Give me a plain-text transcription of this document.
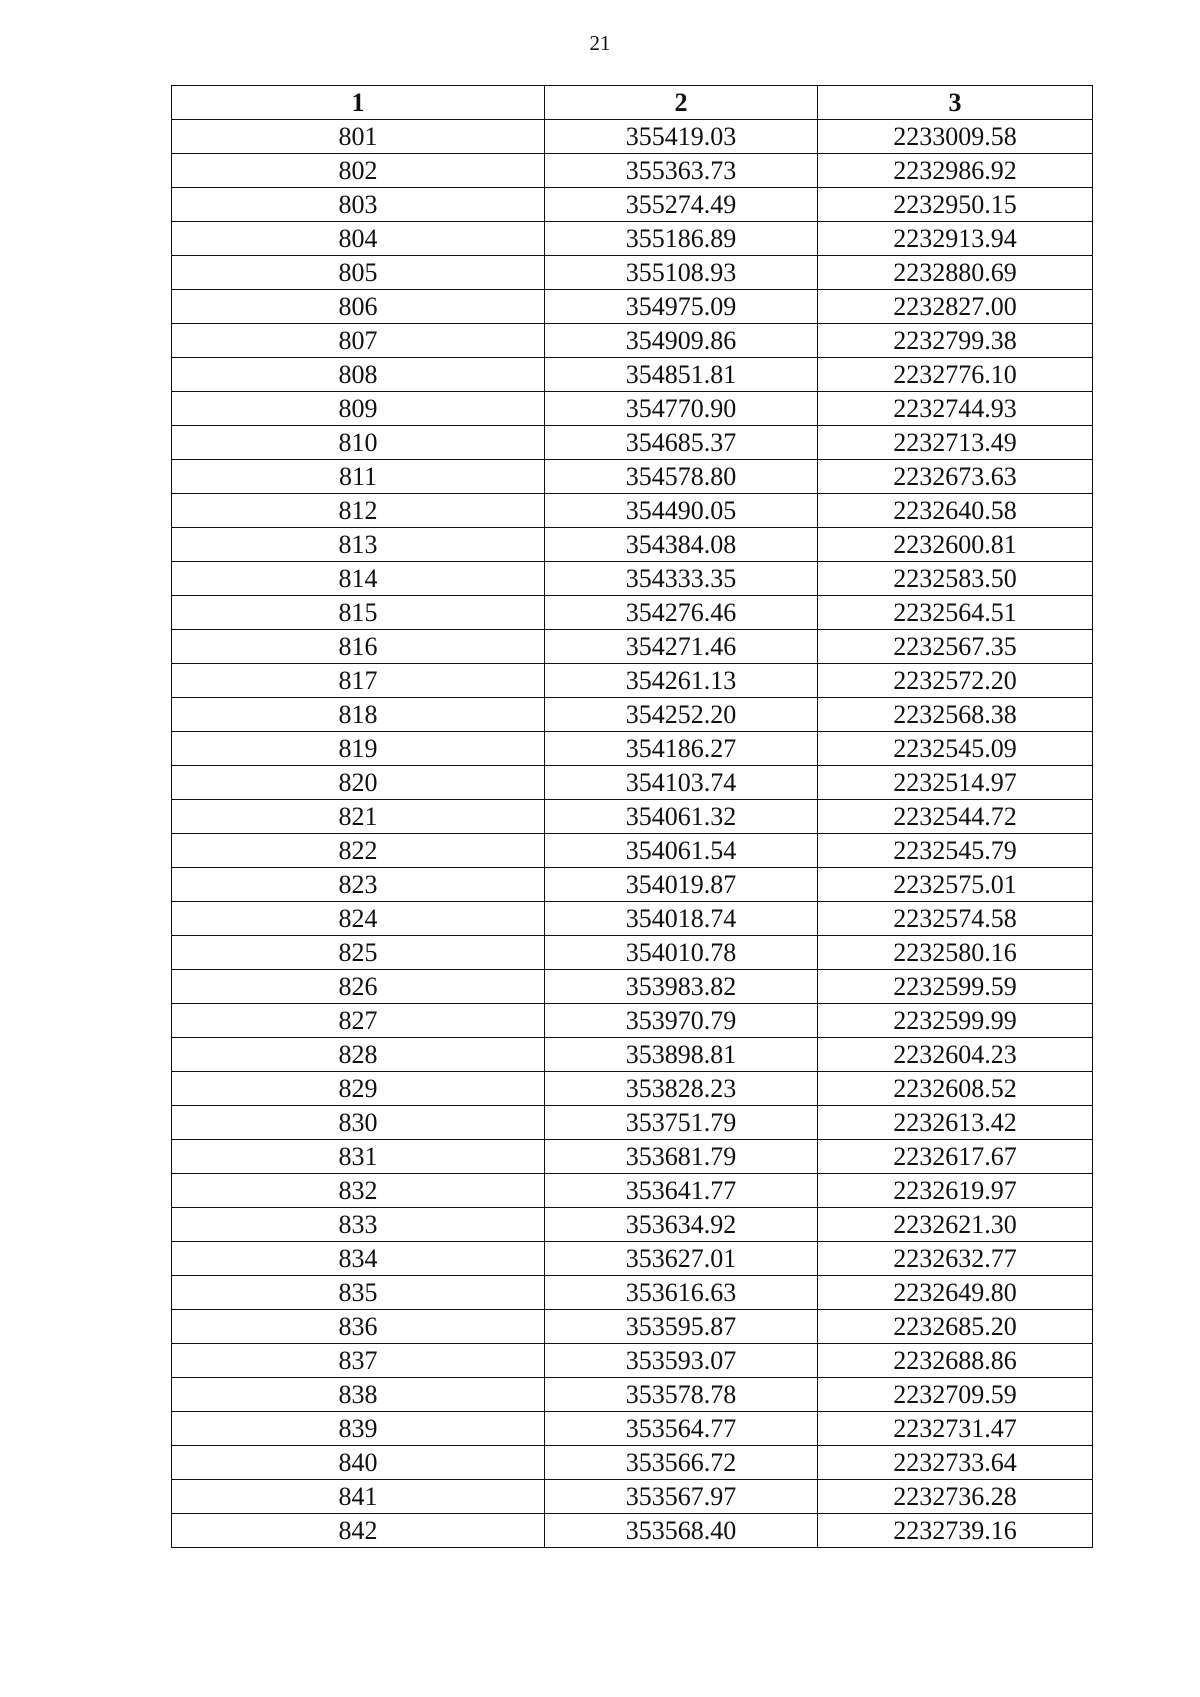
21
1	2	3
801	355419.03	2233009.58
802	355363.73	2232986.92
803	355274.49	2232950.15
804	355186.89	2232913.94
805	355108.93	2232880.69
806	354975.09	2232827.00
807	354909.86	2232799.38
808	354851.81	2232776.10
809	354770.90	2232744.93
810	354685.37	2232713.49
811	354578.80	2232673.63
812	354490.05	2232640.58
813	354384.08	2232600.81
814	354333.35	2232583.50
815	354276.46	2232564.51
816	354271.46	2232567.35
817	354261.13	2232572.20
818	354252.20	2232568.38
819	354186.27	2232545.09
820	354103.74	2232514.97
821	354061.32	2232544.72
822	354061.54	2232545.79
823	354019.87	2232575.01
824	354018.74	2232574.58
825	354010.78	2232580.16
826	353983.82	2232599.59
827	353970.79	2232599.99
828	353898.81	2232604.23
829	353828.23	2232608.52
830	353751.79	2232613.42
831	353681.79	2232617.67
832	353641.77	2232619.97
833	353634.92	2232621.30
834	353627.01	2232632.77
835	353616.63	2232649.80
836	353595.87	2232685.20
837	353593.07	2232688.86
838	353578.78	2232709.59
839	353564.77	2232731.47
840	353566.72	2232733.64
841	353567.97	2232736.28
842	353568.40	2232739.16
